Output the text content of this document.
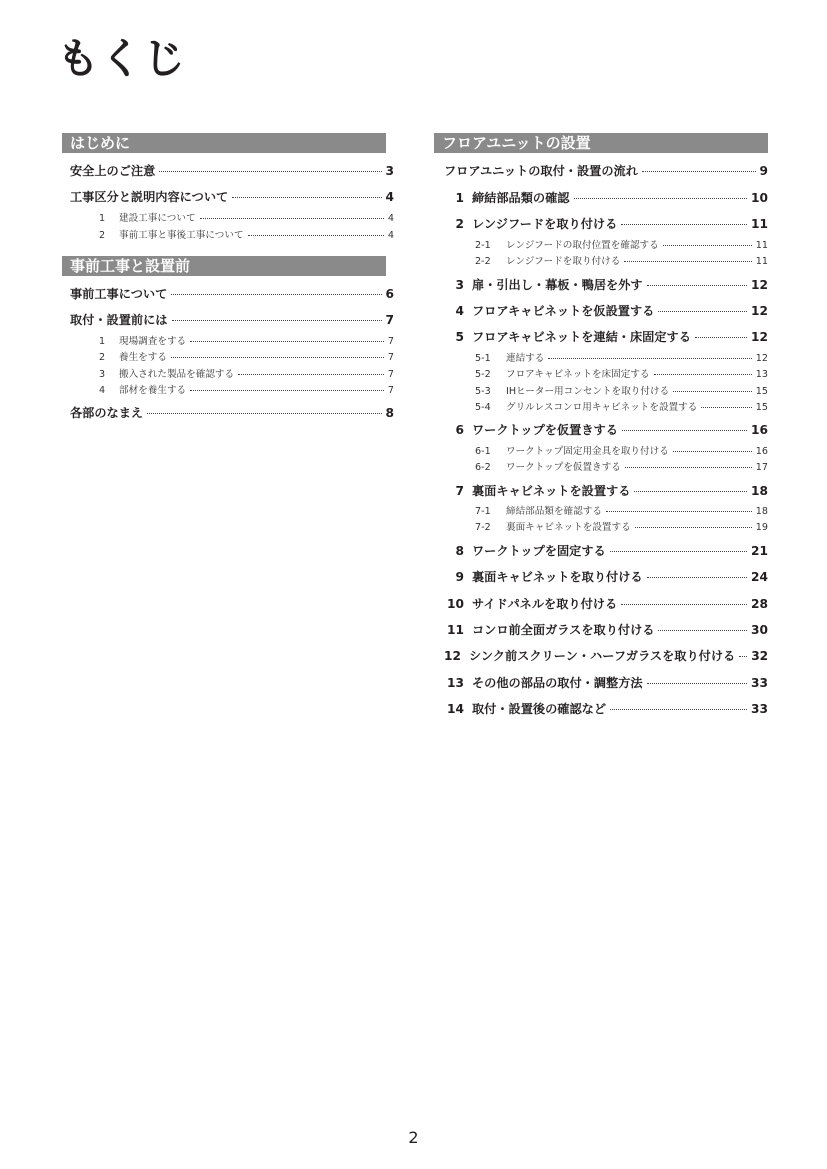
もくじ
はじめに
安全上のご注意	3
工事区分と説明内容について	4
1	建設工事について	4
2	事前工事と事後工事について	4
事前工事と設置前
事前工事について	6
取付・設置前には	7
1	現場調査をする	7
2	養生をする	7
3	搬入された製品を確認する	7
4	部材を養生する	7
各部のなまえ	8
フロアユニットの設置
フロアユニットの取付・設置の流れ	9
1 締結部品類の確認	10
2 レンジフードを取り付ける	11
2-1	レンジフードの取付位置を確認する	11
2-2	レンジフードを取り付ける	11
3 扉・引出し・幕板・鴨居を外す	12
4 フロアキャビネットを仮設置する	12
5 フロアキャビネットを連結・床固定する	12
5-1	連結する	12
5-2	フロアキャビネットを床固定する	13
5-3	IHヒーター用コンセントを取り付ける	15
5-4	グリルレスコンロ用キャビネットを設置する	15
6 ワークトップを仮置きする	16
6-1	ワークトップ固定用金具を取り付ける	16
6-2	ワークトップを仮置きする	17
7 裏面キャビネットを設置する	18
7-1	締結部品類を確認する	18
7-2	裏面キャビネットを設置する	19
8 ワークトップを固定する	21
9 裏面キャビネットを取り付ける	24
10 サイドパネルを取り付ける	28
11 コンロ前全面ガラスを取り付ける	30
12 シンク前スクリーン・ハーフガラスを取り付ける 32
13 その他の部品の取付・調整方法	33
14 取付・設置後の確認など	33
2
